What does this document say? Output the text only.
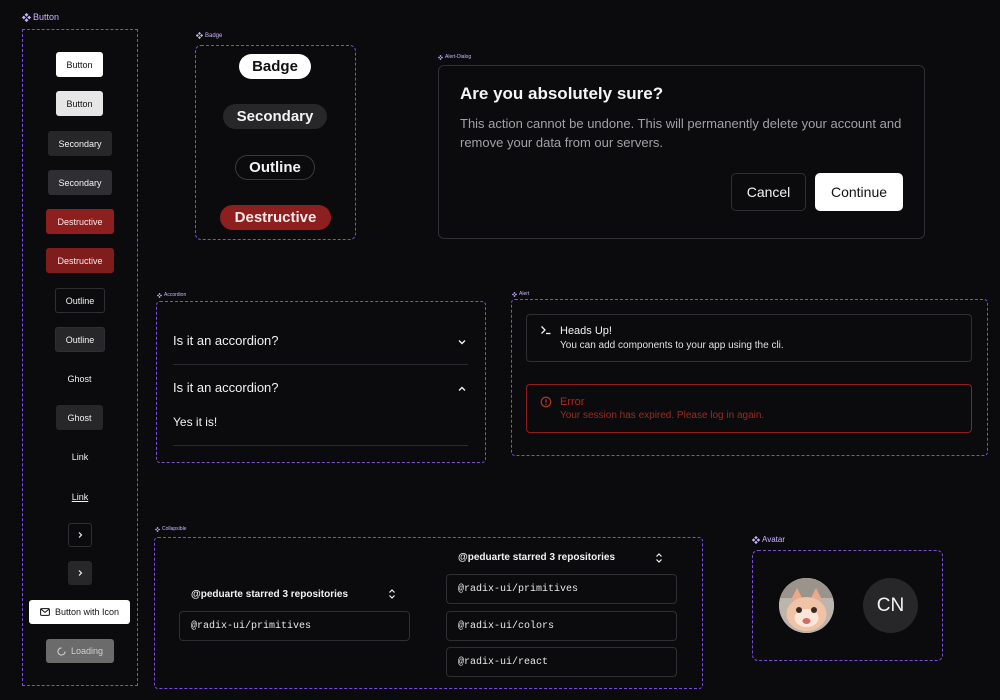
Button
Button
Button
Secondary
Secondary
Destructive
Destructive
Outline
Outline
Ghost
Ghost
Link
Link
Button with Icon
Loading
Badge
Badge
Secondary
Outline
Destructive
Alert-Dialog
Are you absolutely sure?
This action cannot be undone. This will permanently delete your account and remove your data from our servers.
Cancel	Continue
Accordion
Is it an accordion?
Is it an accordion?
Yes it is!
Alert
Heads Up!
You can add components to your app using the cli.
Error
Your session has expired. Please log in again.
Collapsible
@peduarte starred 3 repositories
@radix-ui/primitives
@peduarte starred 3 repositories
@radix-ui/primitives
@radix-ui/colors
@radix-ui/react
Avatar
CN
